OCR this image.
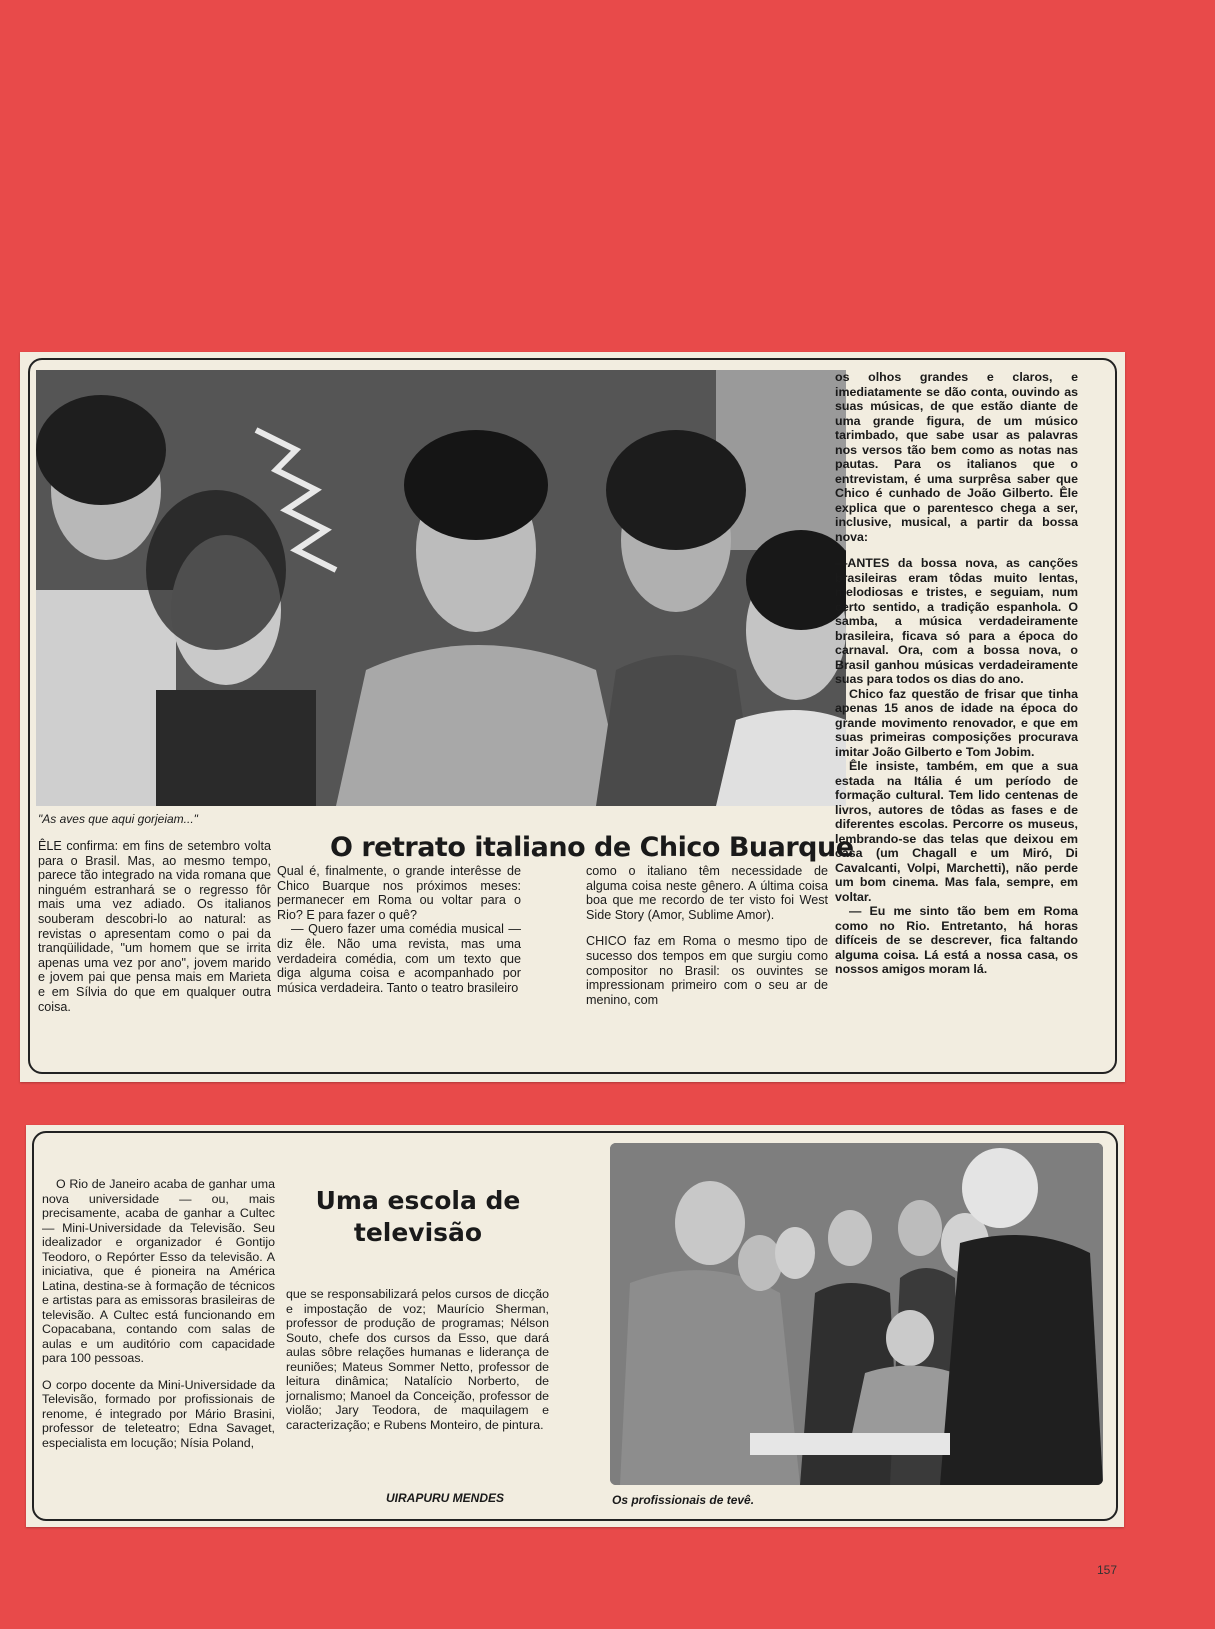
"As aves que aqui gorjeiam..."
O retrato italiano de Chico Buarque

ÊLE confirma: em fins de setembro volta para o Brasil. Mas, ao mesmo tempo, parece tão integrado na vida romana que ninguém estranhará se o regresso fôr mais uma vez adiado. Os italianos souberam descobri-lo ao natural: as revistas o apresentam como o pai da tranqüilidade, "um homem que se irrita apenas uma vez por ano", jovem marido e jovem pai que pensa mais em Marieta e em Sílvia do que em qualquer outra coisa.

Qual é, finalmente, o grande interêsse de Chico Buarque nos próximos meses: permanecer em Roma ou voltar para o Rio? E para fazer o quê?

— Quero fazer uma comédia musical — diz êle. Não uma revista, mas uma verdadeira comédia, com um texto que diga alguma coisa e acompanhado por música verdadeira. Tanto o teatro brasileiro

como o italiano têm necessidade de alguma coisa neste gênero. A última coisa boa que me recordo de ter visto foi West Side Story (Amor, Sublime Amor).

CHICO faz em Roma o mesmo tipo de sucesso dos tempos em que surgiu como compositor no Brasil: os ouvintes se impressionam primeiro com o seu ar de menino, com

os olhos grandes e claros, e imediatamente se dão conta, ouvindo as suas músicas, de que estão diante de uma grande figura, de um músico tarimbado, que sabe usar as palavras nos versos tão bem como as notas nas pautas. Para os italianos que o entrevistam, é uma surprêsa saber que Chico é cunhado de João Gilberto. Êle explica que o parentesco chega a ser, inclusive, musical, a partir da bossa nova:

—ANTES da bossa nova, as canções brasileiras eram tôdas muito lentas, melodiosas e tristes, e seguiam, num certo sentido, a tradição espanhola. O samba, a música verdadeiramente brasileira, ficava só para a época do carnaval. Ora, com a bossa nova, o Brasil ganhou músicas verdadeiramente suas para todos os dias do ano.

Chico faz questão de frisar que tinha apenas 15 anos de idade na época do grande movimento renovador, e que em suas primeiras composições procurava imitar João Gilberto e Tom Jobim.

Êle insiste, também, em que a sua estada na Itália é um período de formação cultural. Tem lido centenas de livros, autores de tôdas as fases e de diferentes escolas. Percorre os museus, lembrando-se das telas que deixou em casa (um Chagall e um Miró, Di Cavalcanti, Volpi, Marchetti), não perde um bom cinema. Mas fala, sempre, em voltar.

— Eu me sinto tão bem em Roma como no Rio. Entretanto, há horas difíceis de se descrever, fica faltando alguma coisa. Lá está a nossa casa, os nossos amigos moram lá.

O Rio de Janeiro acaba de ganhar uma nova universidade — ou, mais precisamente, acaba de ganhar a Cultec — Mini-Universidade da Televisão. Seu idealizador e organizador é Gontijo Teodoro, o Repórter Esso da televisão. A iniciativa, que é pioneira na América Latina, destina-se à formação de técnicos e artistas para as emissoras brasileiras de televisão. A Cultec está funcionando em Copacabana, contando com salas de aulas e um auditório com capacidade para 100 pessoas.

O corpo docente da Mini-Universidade da Televisão, formado por profissionais de renome, é integrado por Mário Brasini, professor de teleteatro; Edna Savaget, especialista em locução; Nísia Poland,

Uma escola de
televisão

que se responsabilizará pelos cursos de dicção e impostação de voz; Maurício Sherman, professor de produção de programas; Nélson Souto, chefe dos cursos da Esso, que dará aulas sôbre relações humanas e liderança de reuniões; Mateus Sommer Netto, professor de leitura dinâmica; Natalício Norberto, de jornalismo; Manoel da Conceição, professor de violão; Jary Teodora, de maquilagem e caracterização; e Rubens Monteiro, de pintura.

UIRAPURU MENDES	Os profissionais de tevê.
157
